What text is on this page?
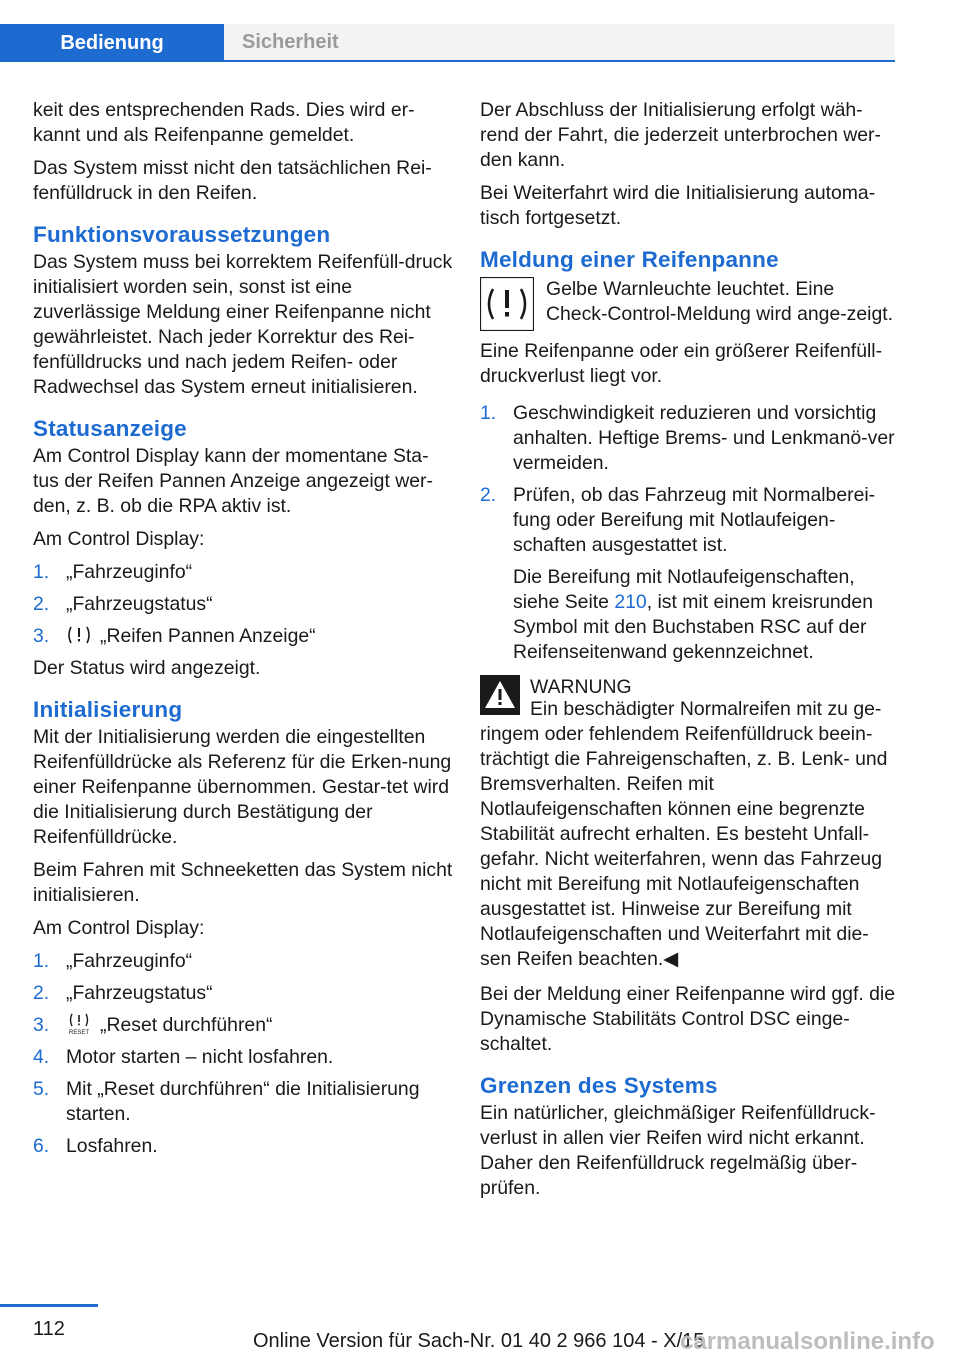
Bedienung	Sicherheit

keit des entsprechenden Rads. Dies wird er‐kannt und als Reifenpanne gemeldet.

Das System misst nicht den tatsächlichen Rei‐fenfülldruck in den Reifen.

Funktionsvoraussetzungen

Das System muss bei korrektem Reifenfüll‐druck initialisiert worden sein, sonst ist eine zuverlässige Meldung einer Reifenpanne nicht gewährleistet. Nach jeder Korrektur des Rei‐fenfülldrucks und nach jedem Reifen- oder Radwechsel das System erneut initialisieren.

Statusanzeige

Am Control Display kann der momentane Sta‐tus der Reifen Pannen Anzeige angezeigt wer‐den, z. B. ob die RPA aktiv ist.

Am Control Display:

1. „Fahrzeuginfo“
2. „Fahrzeugstatus“
3.	„Reifen Pannen Anzeige“

Der Status wird angezeigt.

Initialisierung

Mit der Initialisierung werden die eingestellten Reifenfülldrücke als Referenz für die Erken‐nung einer Reifenpanne übernommen. Gestar‐tet wird die Initialisierung durch Bestätigung der Reifenfülldrücke.

Beim Fahren mit Schneeketten das System nicht initialisieren.

Am Control Display:

1. „Fahrzeuginfo“
2. „Fahrzeugstatus“
3.	RESET „Reset durchführen“
4. Motor starten – nicht losfahren.
5. Mit „Reset durchführen“ die Initialisierung starten.
6. Losfahren.

Der Abschluss der Initialisierung erfolgt wäh‐rend der Fahrt, die jederzeit unterbrochen wer‐den kann.

Bei Weiterfahrt wird die Initialisierung automa‐tisch fortgesetzt.

Meldung einer Reifenpanne

Gelbe Warnleuchte leuchtet. Eine Check-Control-Meldung wird ange‐zeigt.

Eine Reifenpanne oder ein größerer Reifenfüll‐druckverlust liegt vor.

1. Geschwindigkeit reduzieren und vorsichtig anhalten. Heftige Brems- und Lenkmanö‐ver vermeiden.
2. Prüfen, ob das Fahrzeug mit Normalberei‐fung oder Bereifung mit Notlaufeigen‐schaften ausgestattet ist.
Die Bereifung mit Notlaufeigenschaften, siehe Seite 210, ist mit einem kreisrunden Symbol mit den Buchstaben RSC auf der Reifenseitenwand gekennzeichnet.
WARNUNG

Ein beschädigter Normalreifen mit zu ge‐ringem oder fehlendem Reifenfülldruck beein‐trächtigt die Fahreigenschaften, z. B. Lenk- und Bremsverhalten. Reifen mit Notlaufeigenschaften können eine begrenzte Stabilität aufrecht erhalten. Es besteht Unfall‐gefahr. Nicht weiterfahren, wenn das Fahrzeug nicht mit Bereifung mit Notlaufeigenschaften ausgestattet ist. Hinweise zur Bereifung mit Notlaufeigenschaften und Weiterfahrt mit die‐sen Reifen beachten.◀

Bei der Meldung einer Reifenpanne wird ggf. die Dynamische Stabilitäts Control DSC einge‐schaltet.

Grenzen des Systems

Ein natürlicher, gleichmäßiger Reifenfülldruck‐verlust in allen vier Reifen wird nicht erkannt. Daher den Reifenfülldruck regelmäßig über‐prüfen.

112
Online Version für Sach-Nr. 01 40 2 966 104 - X/15
carmanualsonline.info
